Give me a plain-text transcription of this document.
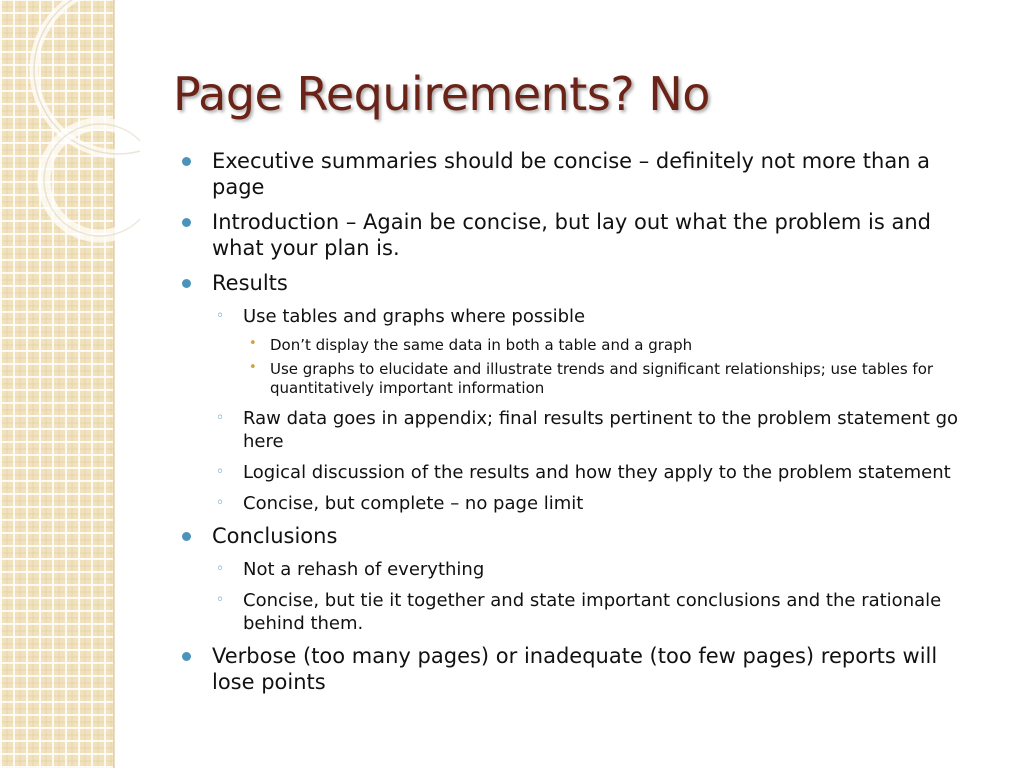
Page Requirements? No
Executive summaries should be concise – definitely not more than a page
Introduction – Again be concise, but lay out what the problem is and what your plan is.
Results
◦ Use tables and graphs where possible
• Don’t display the same data in both a table and a graph
• Use graphs to elucidate and illustrate trends and significant relationships; use tables for quantitatively important information
◦ Raw data goes in appendix; final results pertinent to the problem statement go here
◦ Logical discussion of the results and how they apply to the problem statement
◦ Concise, but complete – no page limit
Conclusions
◦ Not a rehash of everything
◦ Concise, but tie it together and state important conclusions and the rationale behind them.
Verbose (too many pages) or inadequate (too few pages) reports will lose points
